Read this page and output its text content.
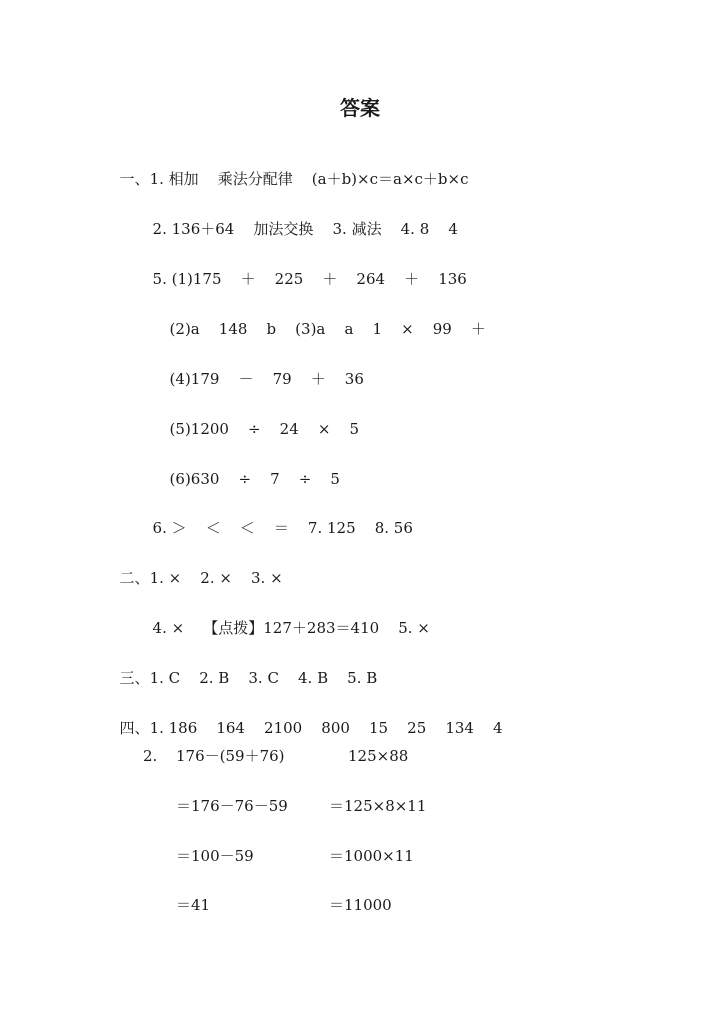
答案

一、1. 相加    乘法分配律    (a＋b)×c＝a×c＋b×c

2. 136＋64    加法交换    3. 减法    4. 8    4

5. (1)175    ＋    225    ＋    264    ＋    136

(2)a    148    b    (3)a    a    1    ×    99    ＋

(4)179    －    79    ＋    36

(5)1200    ÷    24    ×    5

(6)630    ÷    7    ÷    5

6. ＞    ＜    ＜    ＝    7. 125    8. 56

二、1. ×    2. ×    3. ×

4. ×    【点拨】127＋283＝410    5. ×

三、1. C    2. B    3. C    4. B    5. B

四、1. 186    164    2100    800    15    25    134    4

2. 176－(59＋76)
＝176－76－59
＝100－59
＝41
125×88
＝125×8×11
＝1000×11
＝11000
